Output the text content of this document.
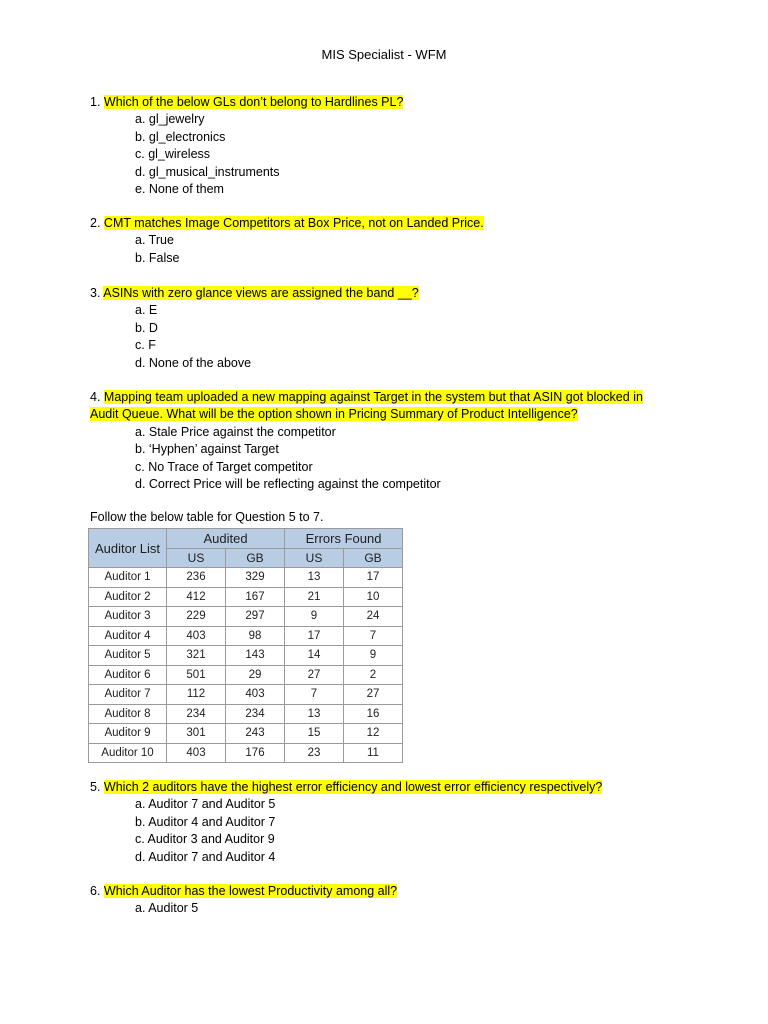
MIS Specialist - WFM
1. Which of the below GLs don’t belong to Hardlines PL?
a. gl_jewelry
b. gl_electronics
c. gl_wireless
d. gl_musical_instruments
e. None of them
2. CMT matches Image Competitors at Box Price, not on Landed Price.
a. True
b. False
3. ASINs with zero glance views are assigned the band __?
a. E
b. D
c. F
d. None of the above
4. Mapping team uploaded a new mapping against Target in the system but that ASIN got blocked in
Audit Queue. What will be the option shown in Pricing Summary of Product Intelligence?
a. Stale Price against the competitor
b. ‘Hyphen’ against Target
c. No Trace of Target competitor
d. Correct Price will be reflecting against the competitor
Follow the below table for Question 5 to 7.
Auditor List	Audited		Errors Found	
	US	GB	US	GB
Auditor 1	236	329	13	17
Auditor 2	412	167	21	10
Auditor 3	229	297	9	24
Auditor 4	403	98	17	7
Auditor 5	321	143	14	9
Auditor 6	501	29	27	2
Auditor 7	112	403	7	27
Auditor 8	234	234	13	16
Auditor 9	301	243	15	12
Auditor 10	403	176	23	11
5. Which 2 auditors have the highest error efficiency and lowest error efficiency respectively?
a. Auditor 7 and Auditor 5
b. Auditor 4 and Auditor 7
c. Auditor 3 and Auditor 9
d. Auditor 7 and Auditor 4
6. Which Auditor has the lowest Productivity among all?
a. Auditor 5
